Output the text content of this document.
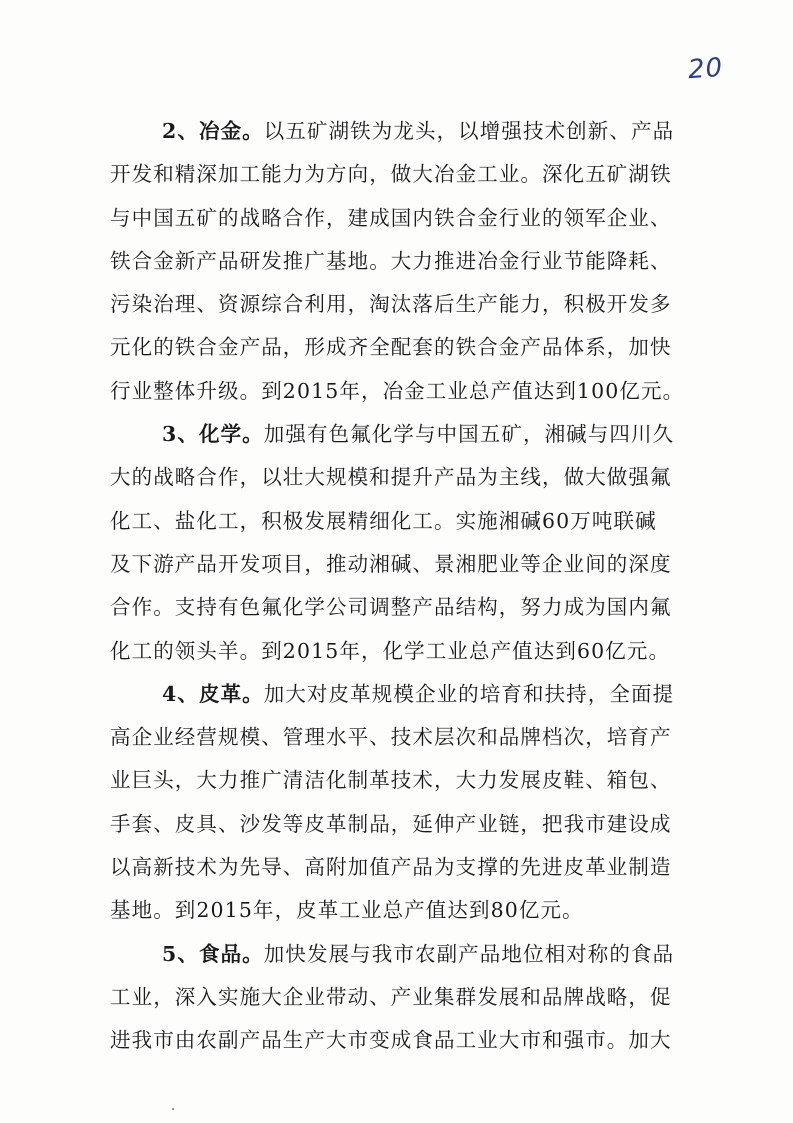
20
2、冶金。以五矿湖铁为龙头，以增强技术创新、产品
开发和精深加工能力为方向，做大冶金工业。深化五矿湖铁
与中国五矿的战略合作，建成国内铁合金行业的领军企业、
铁合金新产品研发推广基地。大力推进冶金行业节能降耗、
污染治理、资源综合利用，淘汰落后生产能力，积极开发多
元化的铁合金产品，形成齐全配套的铁合金产品体系，加快
行业整体升级。到2015年，冶金工业总产值达到100亿元。
3、化学。加强有色氟化学与中国五矿，湘碱与四川久
大的战略合作，以壮大规模和提升产品为主线，做大做强氟
化工、盐化工，积极发展精细化工。实施湘碱60万吨联碱
及下游产品开发项目，推动湘碱、景湘肥业等企业间的深度
合作。支持有色氟化学公司调整产品结构，努力成为国内氟
化工的领头羊。到2015年，化学工业总产值达到60亿元。
4、皮革。加大对皮革规模企业的培育和扶持，全面提
高企业经营规模、管理水平、技术层次和品牌档次，培育产
业巨头，大力推广清洁化制革技术，大力发展皮鞋、箱包、
手套、皮具、沙发等皮革制品，延伸产业链，把我市建设成
以高新技术为先导、高附加值产品为支撑的先进皮革业制造
基地。到2015年，皮革工业总产值达到80亿元。
5、食品。加快发展与我市农副产品地位相对称的食品
工业，深入实施大企业带动、产业集群发展和品牌战略，促
进我市由农副产品生产大市变成食品工业大市和强市。加大
